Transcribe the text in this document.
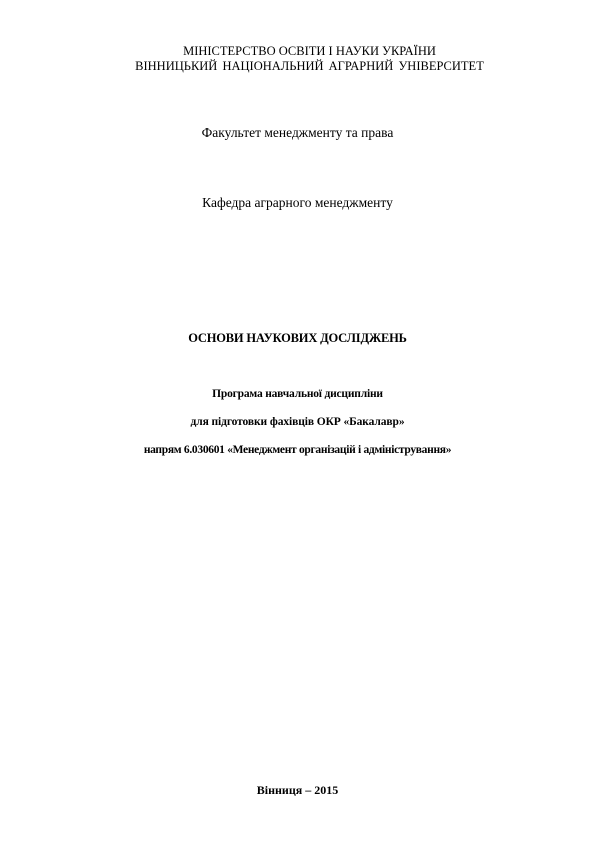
МІНІСТЕРСТВО ОСВІТИ І НАУКИ УКРАЇНИ
ВІННИЦЬКИЙ НАЦІОНАЛЬНИЙ АГРАРНИЙ УНІВЕРСИТЕТ
Факультет менеджменту та права
Кафедра аграрного менеджменту
ОСНОВИ НАУКОВИХ ДОСЛІДЖЕНЬ
Програма навчальної дисципліни
для підготовки фахівців ОКР «Бакалавр»
напрям 6.030601 «Менеджмент організацій і адміністрування»
Вінниця – 2015
